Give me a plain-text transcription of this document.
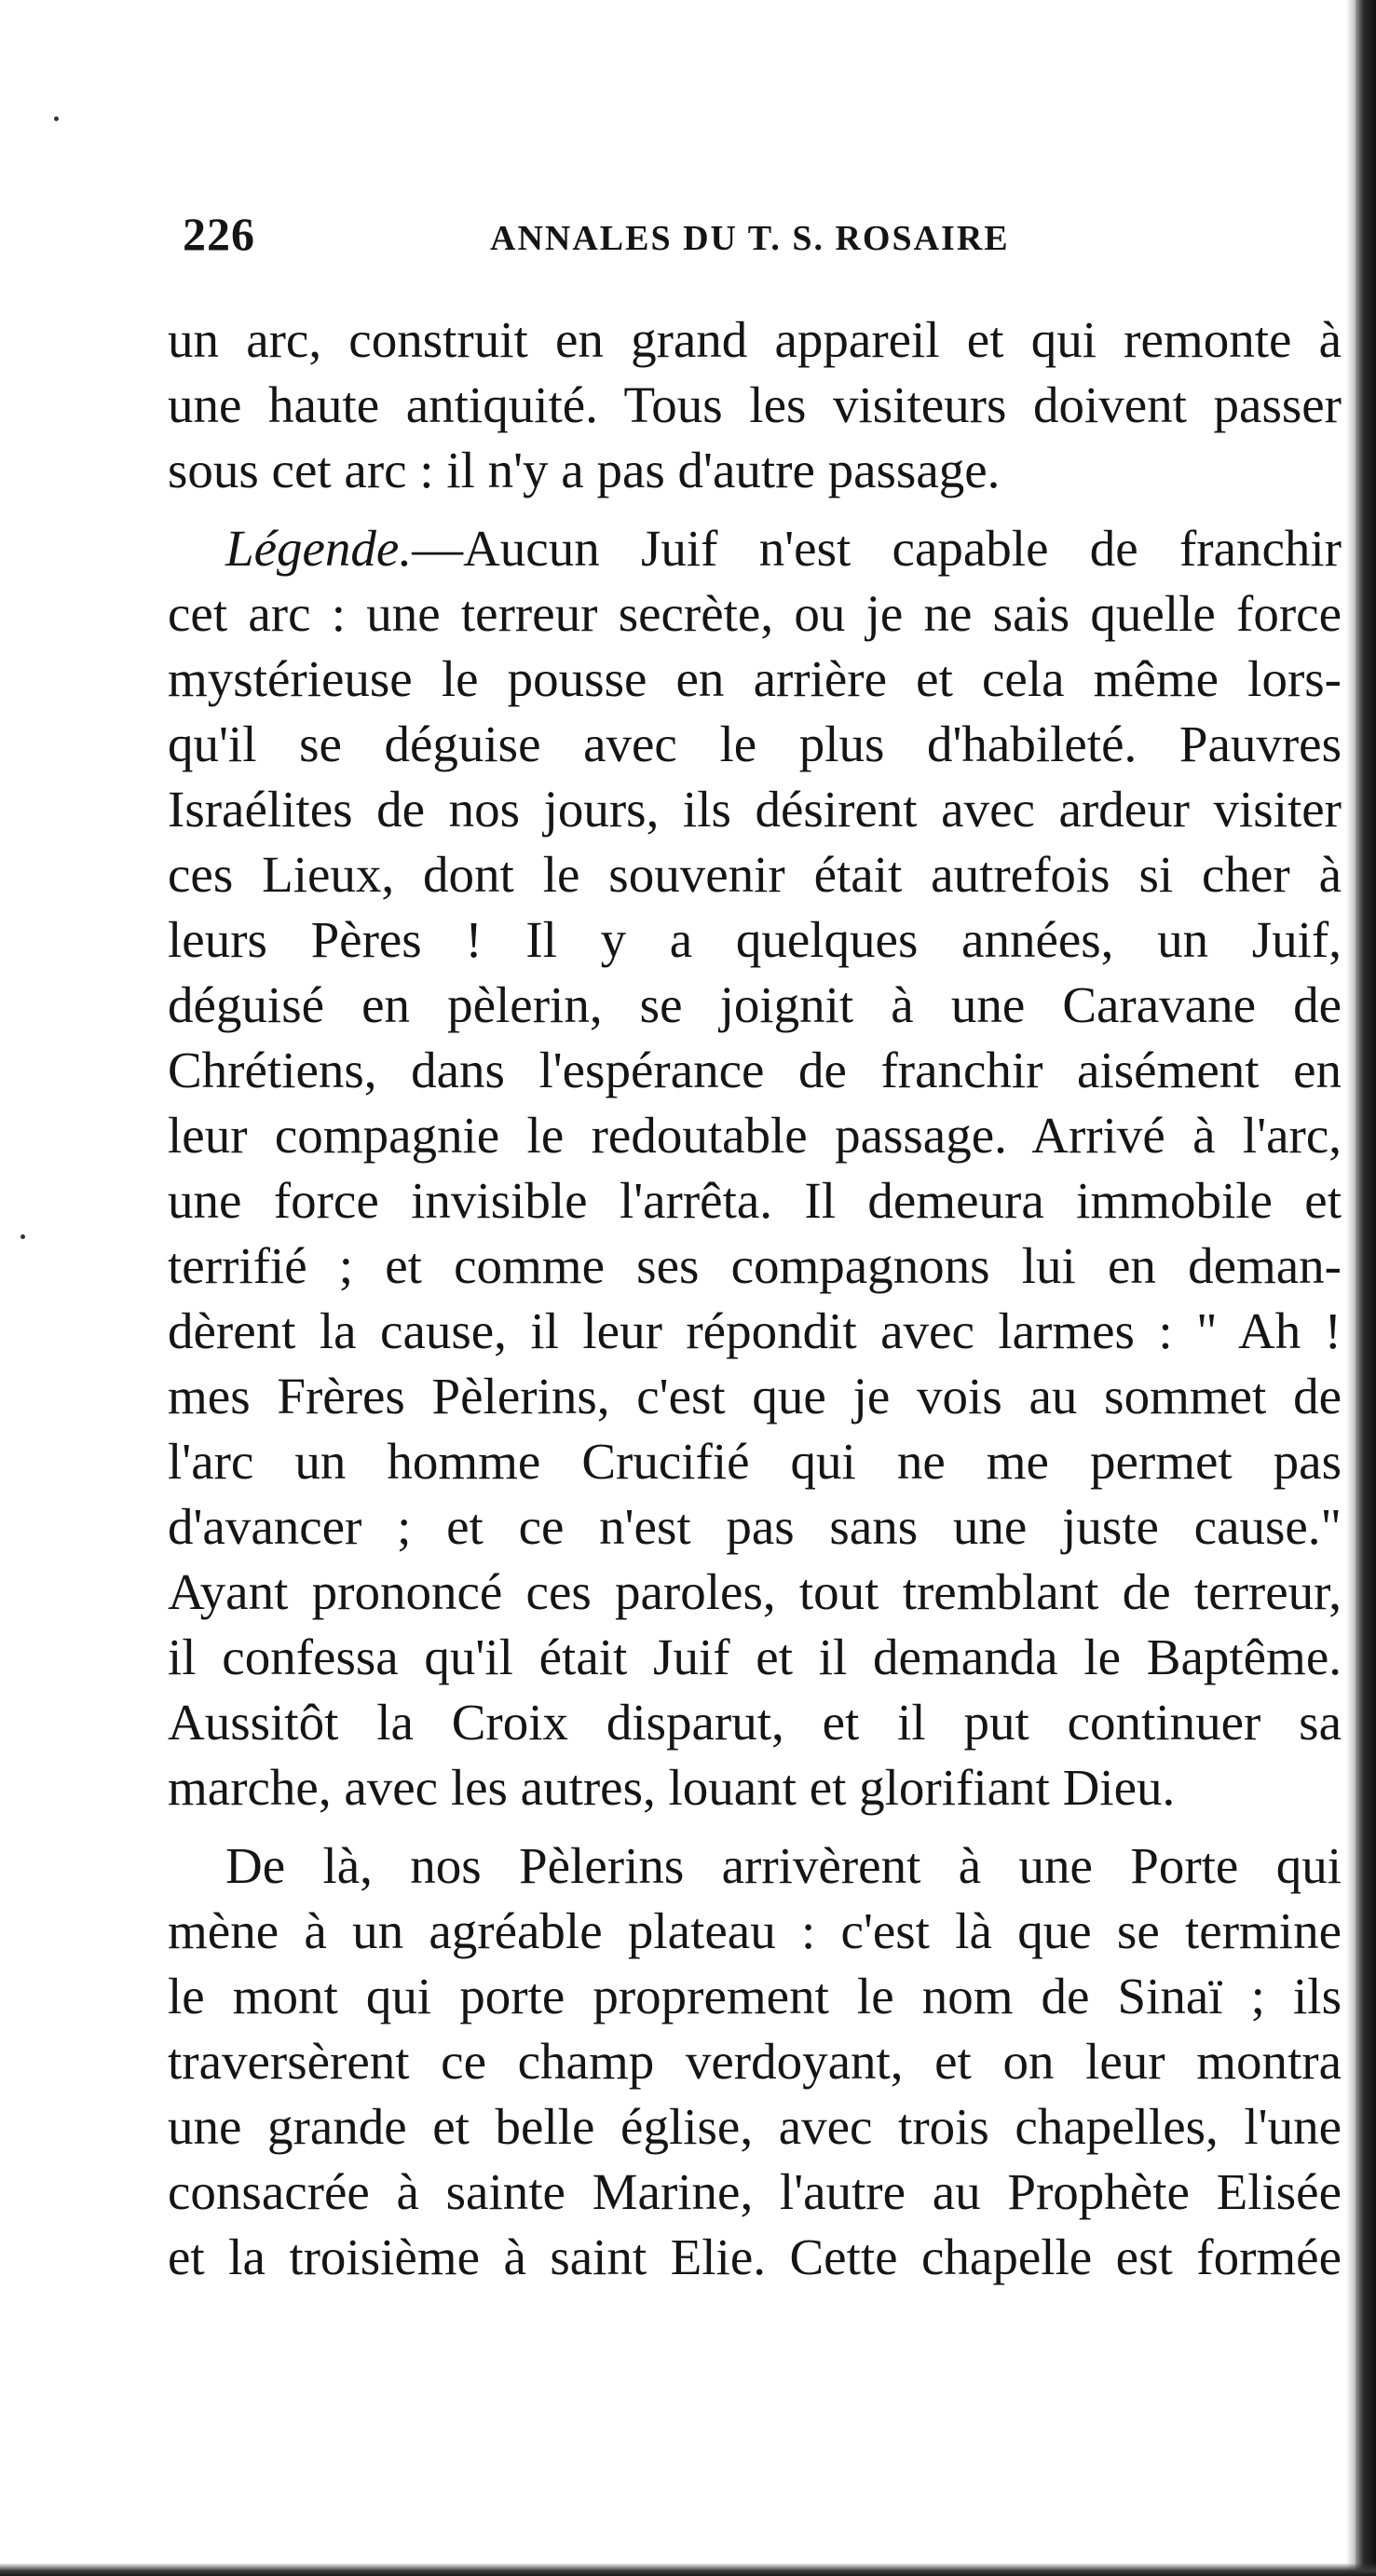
226	ANNALES DU T. S. ROSAIRE
un arc, construit en grand appareil et qui remonte à
une haute antiquité. Tous les visiteurs doivent passer
sous cet arc : il n'y a pas d'autre passage.
Légende.—Aucun Juif n'est capable de franchir
cet arc : une terreur secrète, ou je ne sais quelle force
mystérieuse le pousse en arrière et cela même lors-
qu'il se déguise avec le plus d'habileté. Pauvres
Israélites de nos jours, ils désirent avec ardeur visiter
ces Lieux, dont le souvenir était autrefois si cher à
leurs Pères ! Il y a quelques années, un Juif,
déguisé en pèlerin, se joignit à une Caravane de
Chrétiens, dans l'espérance de franchir aisément en
leur compagnie le redoutable passage. Arrivé à l'arc,
une force invisible l'arrêta. Il demeura immobile et
terrifié ; et comme ses compagnons lui en deman-
dèrent la cause, il leur répondit avec larmes : " Ah !
mes Frères Pèlerins, c'est que je vois au sommet de
l'arc un homme Crucifié qui ne me permet pas
d'avancer ; et ce n'est pas sans une juste cause."
Ayant prononcé ces paroles, tout tremblant de terreur,
il confessa qu'il était Juif et il demanda le Baptême.
Aussitôt la Croix disparut, et il put continuer sa
marche, avec les autres, louant et glorifiant Dieu.
De là, nos Pèlerins arrivèrent à une Porte qui
mène à un agréable plateau : c'est là que se termine
le mont qui porte proprement le nom de Sinaï ; ils
traversèrent ce champ verdoyant, et on leur montra
une grande et belle église, avec trois chapelles, l'une
consacrée à sainte Marine, l'autre au Prophète Elisée
et la troisième à saint Elie. Cette chapelle est formée
